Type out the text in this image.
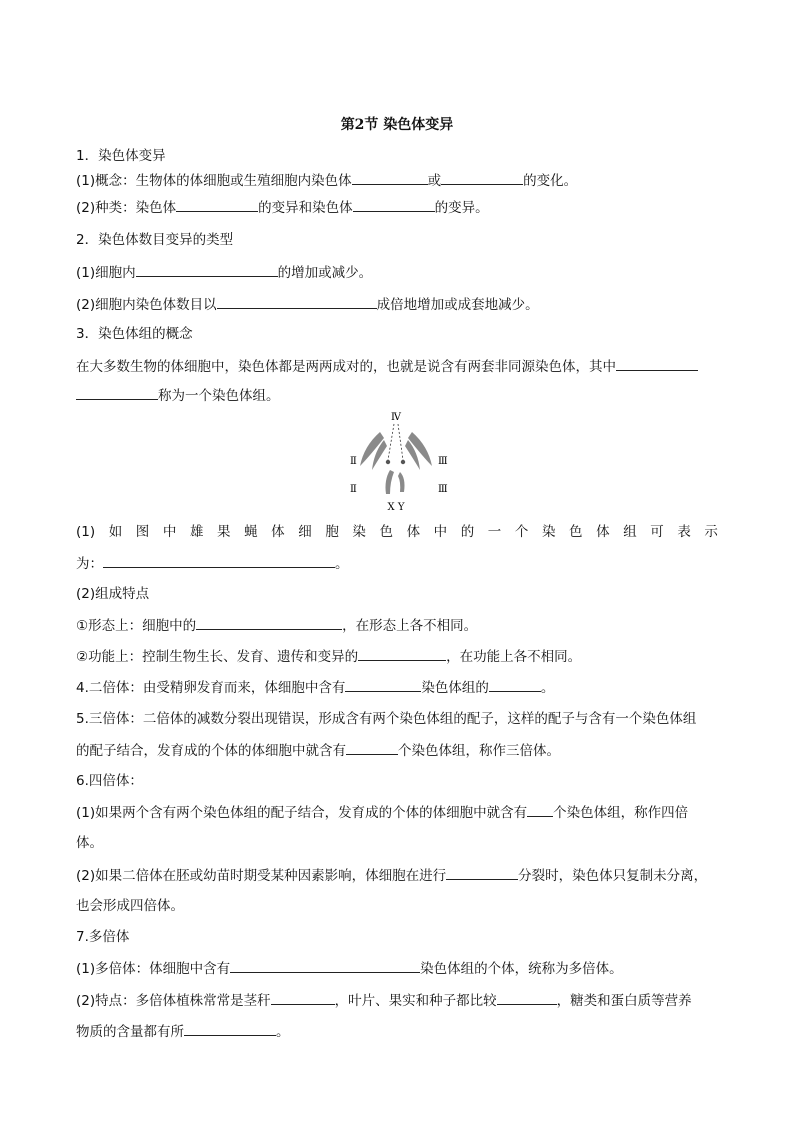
第2节 染色体变异
1．染色体变异
(1)概念：生物体的体细胞或生殖细胞内染色体	或	的变化。
(2)种类：染色体	的变异和染色体	的变异。
2．染色体数目变异的类型
(1)细胞内	的增加或减少。
(2)细胞内染色体数目以	成倍地增加或成套地减少。
3．染色体组的概念
在大多数生物的体细胞中，染色体都是两两成对的，也就是说含有两套非同源染色体，其中
称为一个染色体组。
Ⅳ
Ⅱ
Ⅱ
Ⅲ
Ⅲ
X Y
(1) 如 图 中 雄 果 蝇 体 细 胞 染 色 体 中 的 一 个 染 色 体 组 可 表 示
为：	。
(2)组成特点
①形态上：细胞中的	，在形态上各不相同。
②功能上：控制生物生长、发育、遗传和变异的	，在功能上各不相同。
4.二倍体：由受精卵发育而来，体细胞中含有	染色体组的	。
5.三倍体：二倍体的减数分裂出现错误，形成含有两个染色体组的配子，这样的配子与含有一个染色体组
的配子结合，发育成的个体的体细胞中就含有	个染色体组，称作三倍体。
6.四倍体：
(1)如果两个含有两个染色体组的配子结合，发育成的个体的体细胞中就含有 个染色体组，称作四倍
体。
(2)如果二倍体在胚或幼苗时期受某种因素影响，体细胞在进行	分裂时，染色体只复制未分离，
也会形成四倍体。
7.多倍体
(1)多倍体：体细胞中含有	染色体组的个体，统称为多倍体。
(2)特点：多倍体植株常常是茎秆	，叶片、果实和种子都比较	，糖类和蛋白质等营养
物质的含量都有所	。
